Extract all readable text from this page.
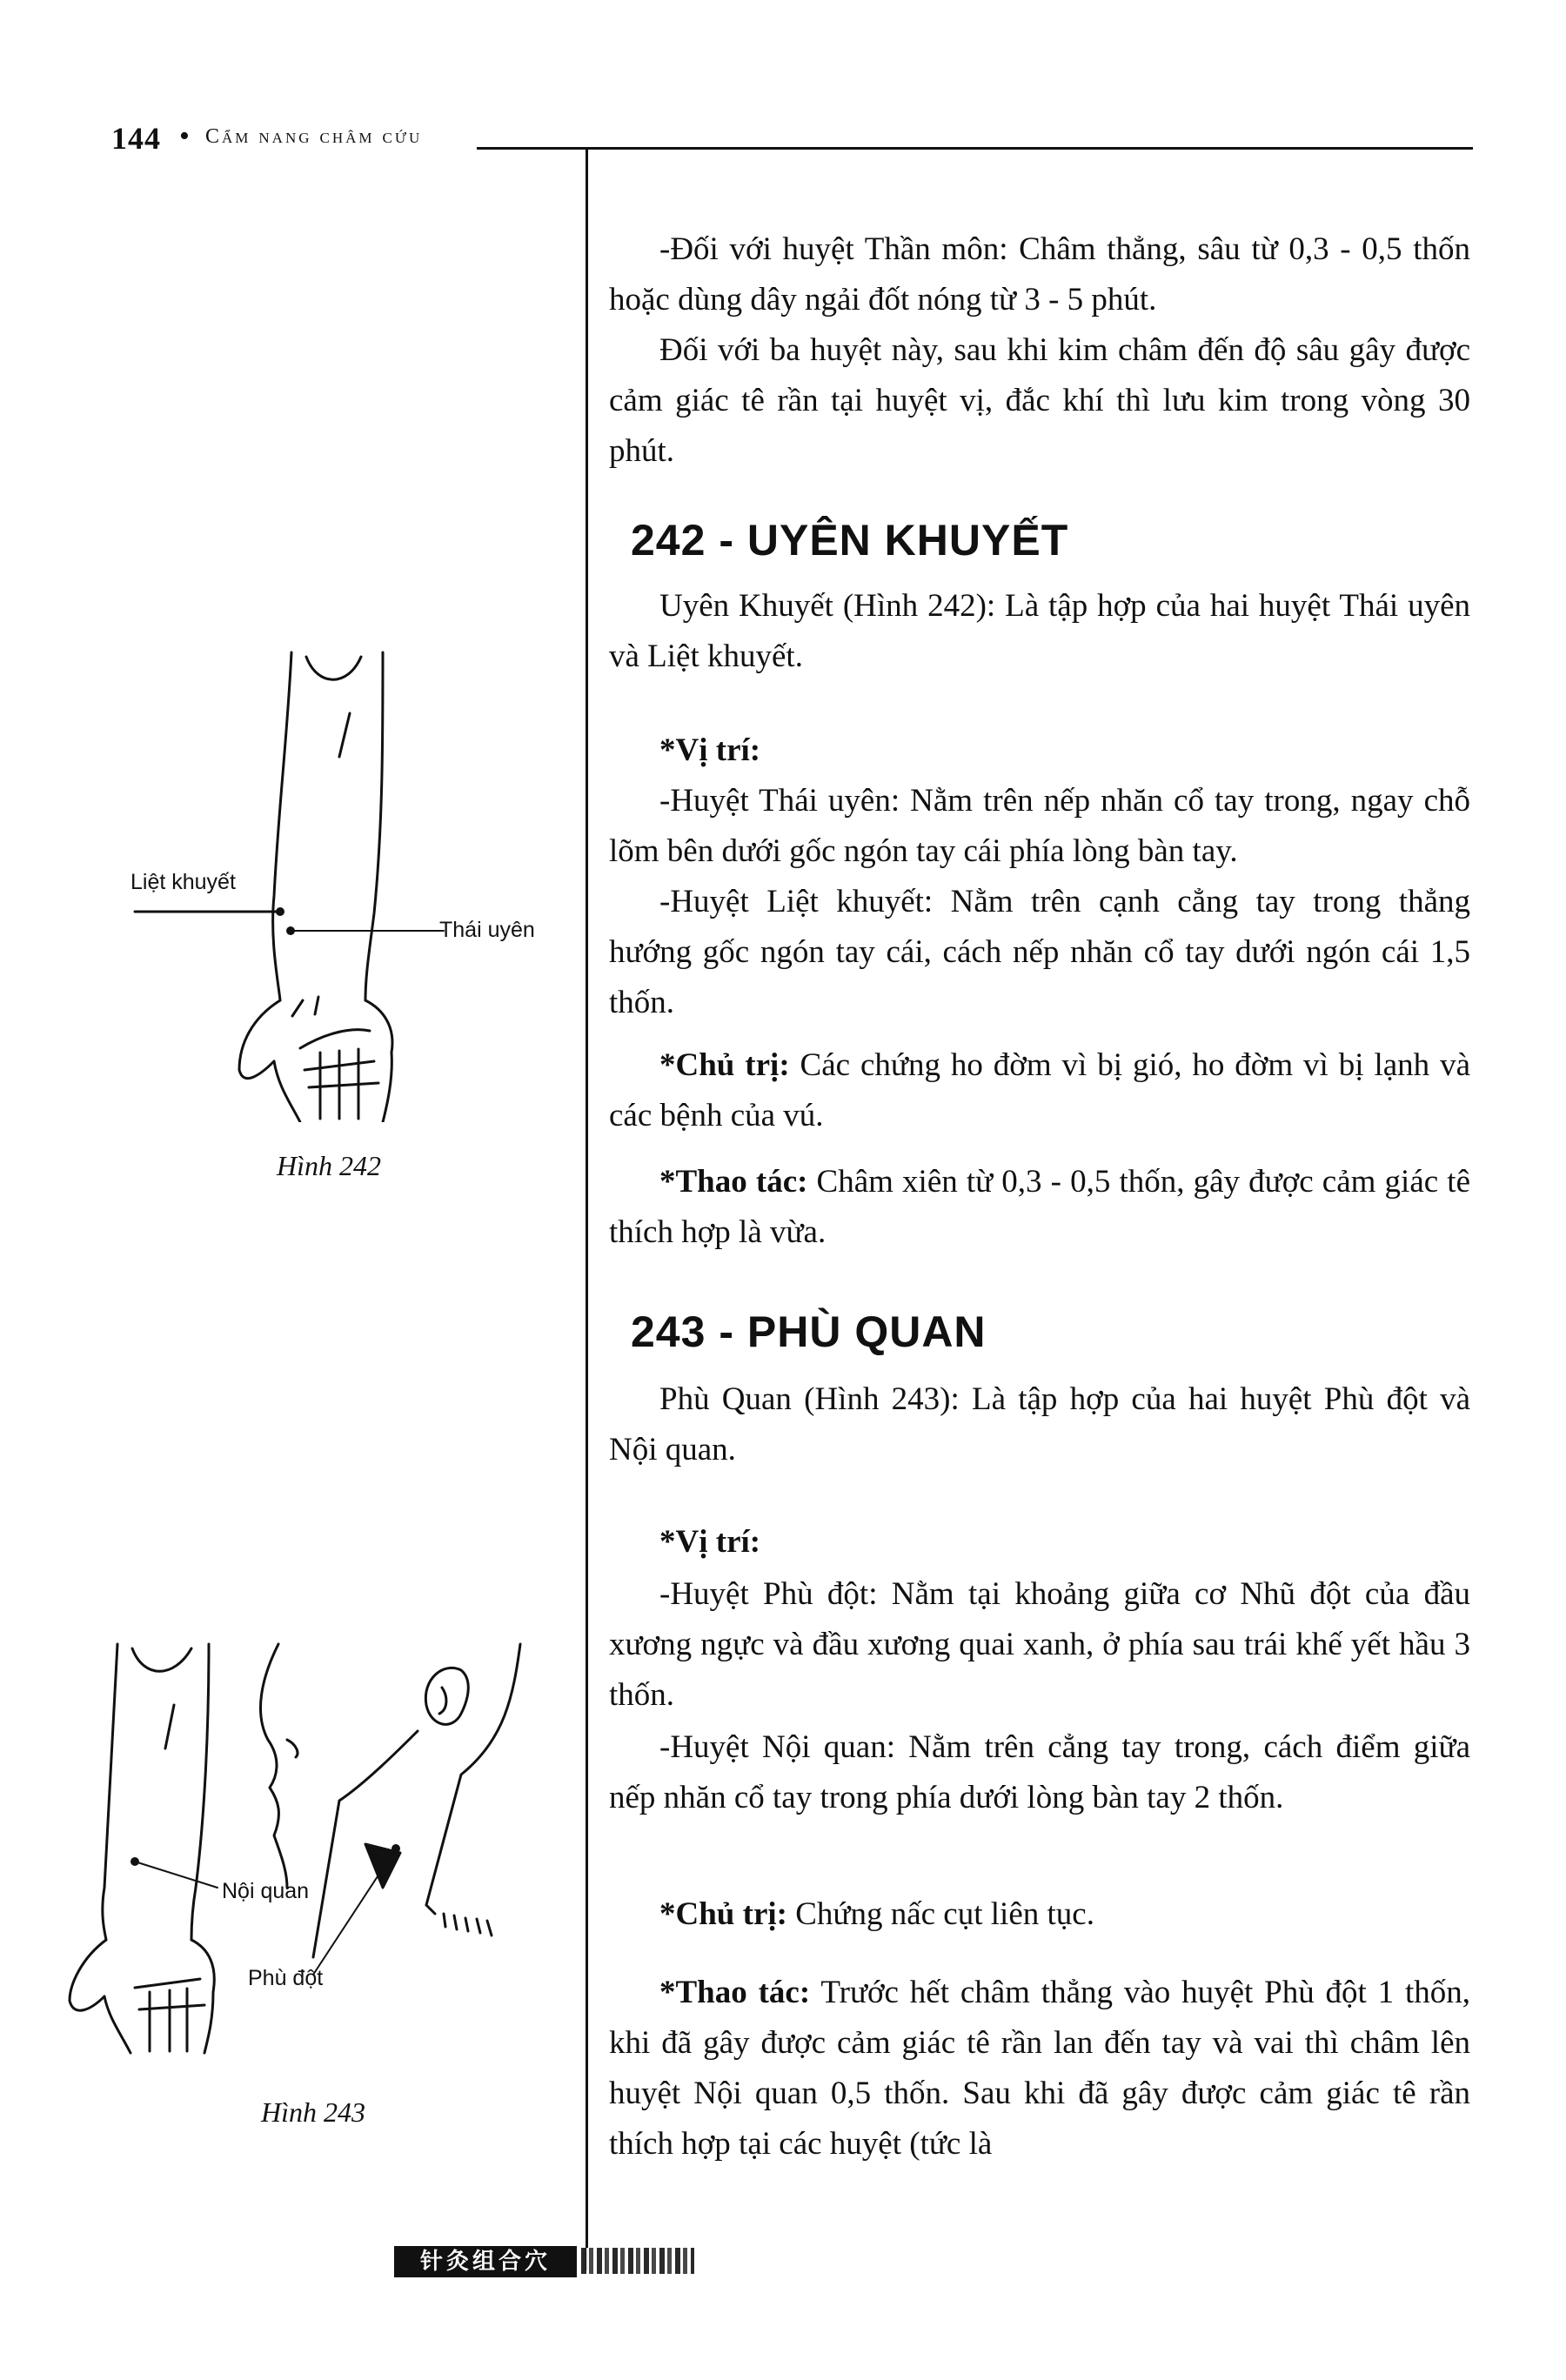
144 • Cẩm nang châm cứu
-Đối với huyệt Thần môn: Châm thẳng, sâu từ 0,3 - 0,5 thốn hoặc dùng dây ngải đốt nóng từ 3 - 5 phút.
Đối với ba huyệt này, sau khi kim châm đến độ sâu gây được cảm giác tê rần tại huyệt vị, đắc khí thì lưu kim trong vòng 30 phút.
242 - UYÊN KHUYẾT
Uyên Khuyết (Hình 242): Là tập hợp của hai huyệt Thái uyên và Liệt khuyết.
*Vị trí:
-Huyệt Thái uyên: Nằm trên nếp nhăn cổ tay trong, ngay chỗ lõm bên dưới gốc ngón tay cái phía lòng bàn tay.
-Huyệt Liệt khuyết: Nằm trên cạnh cẳng tay trong thẳng hướng gốc ngón tay cái, cách nếp nhăn cổ tay dưới ngón cái 1,5 thốn.
*Chủ trị: Các chứng ho đờm vì bị gió, ho đờm vì bị lạnh và các bệnh của vú.
*Thao tác: Châm xiên từ 0,3 - 0,5 thốn, gây được cảm giác tê thích hợp là vừa.
243 - PHÙ QUAN
Phù Quan (Hình 243): Là tập hợp của hai huyệt Phù đột và Nội quan.
*Vị trí:
-Huyệt Phù đột: Nằm tại khoảng giữa cơ Nhũ đột của đầu xương ngực và đầu xương quai xanh, ở phía sau trái khế yết hầu 3 thốn.
-Huyệt Nội quan: Nằm trên cẳng tay trong, cách điểm giữa nếp nhăn cổ tay trong phía dưới lòng bàn tay 2 thốn.
*Chủ trị: Chứng nấc cụt liên tục.
*Thao tác: Trước hết châm thẳng vào huyệt Phù đột 1 thốn, khi đã gây được cảm giác tê rần lan đến tay và vai thì châm lên huyệt Nội quan 0,5 thốn. Sau khi đã gây được cảm giác tê rần thích hợp tại các huyệt (tức là
Liệt khuyết
Thái uyên
Hình 242
Nội quan
Phù đột
Hình 243
针灸组合穴
